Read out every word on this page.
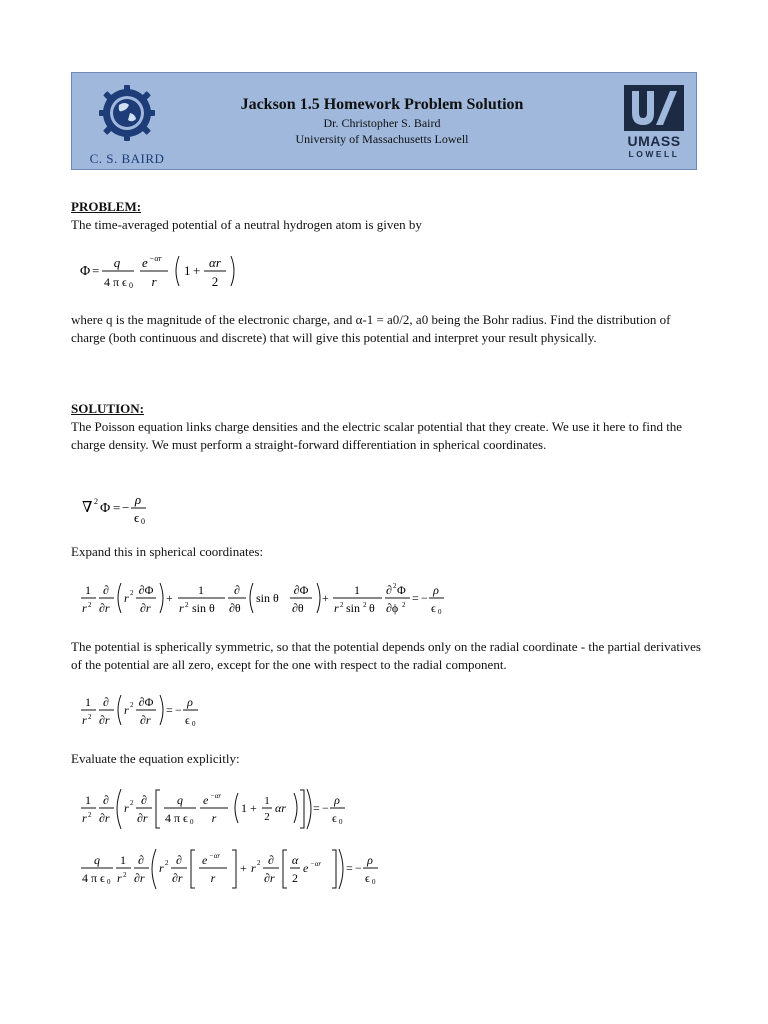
C. S. BAIRD
Jackson 1.5 Homework Problem Solution
Dr. Christopher S. Baird
University of Massachusetts Lowell	UMASS
LOWELL
PROBLEM:
The time-averaged potential of a neutral hydrogen atom is given by
Φ =
q
4 π ϵ 0
e −αr
r
1 +
αr
2
where q is the magnitude of the electronic charge, and α-1 = a0/2, a0 being the Bohr radius. Find the distribution of charge (both continuous and discrete) that will give this potential and interpret your result physically.
SOLUTION:
The Poisson equation links charge densities and the electric scalar potential that they create. We use it here to find the charge density. We must perform a straight-forward differentiation in spherical coordinates.
∇ 2 Φ = −
ρ
ϵ 0
Expand this in spherical coordinates:
1
r 2
∂
∂r
r 2 ∂Φ
∂r
+
1
r 2 sin θ
∂
∂θ
sin θ
∂Φ
∂θ
+
1
r 2 sin 2 θ
∂ 2 Φ
∂ϕ 2 = −
ρ
ϵ 0
The potential is spherically symmetric, so that the potential depends only on the radial coordinate - the partial derivatives of the potential are all zero, except for the one with respect to the radial component.
1
r 2
∂
∂r
r 2 ∂Φ
∂r
= −
ρ
ϵ 0
Evaluate the equation explicitly:
1
r 2
∂
∂r
r 2 ∂
∂r
q
4 π ϵ 0
e −αr
r
1 + 1
2
αr = −
ρ
ϵ 0
q
4 π ϵ 0
1
r 2
∂
∂r
r 2 ∂
∂r
e −αr
r
+ r 2 ∂
∂r
α
2
e −αr = −
ρ
ϵ 0
